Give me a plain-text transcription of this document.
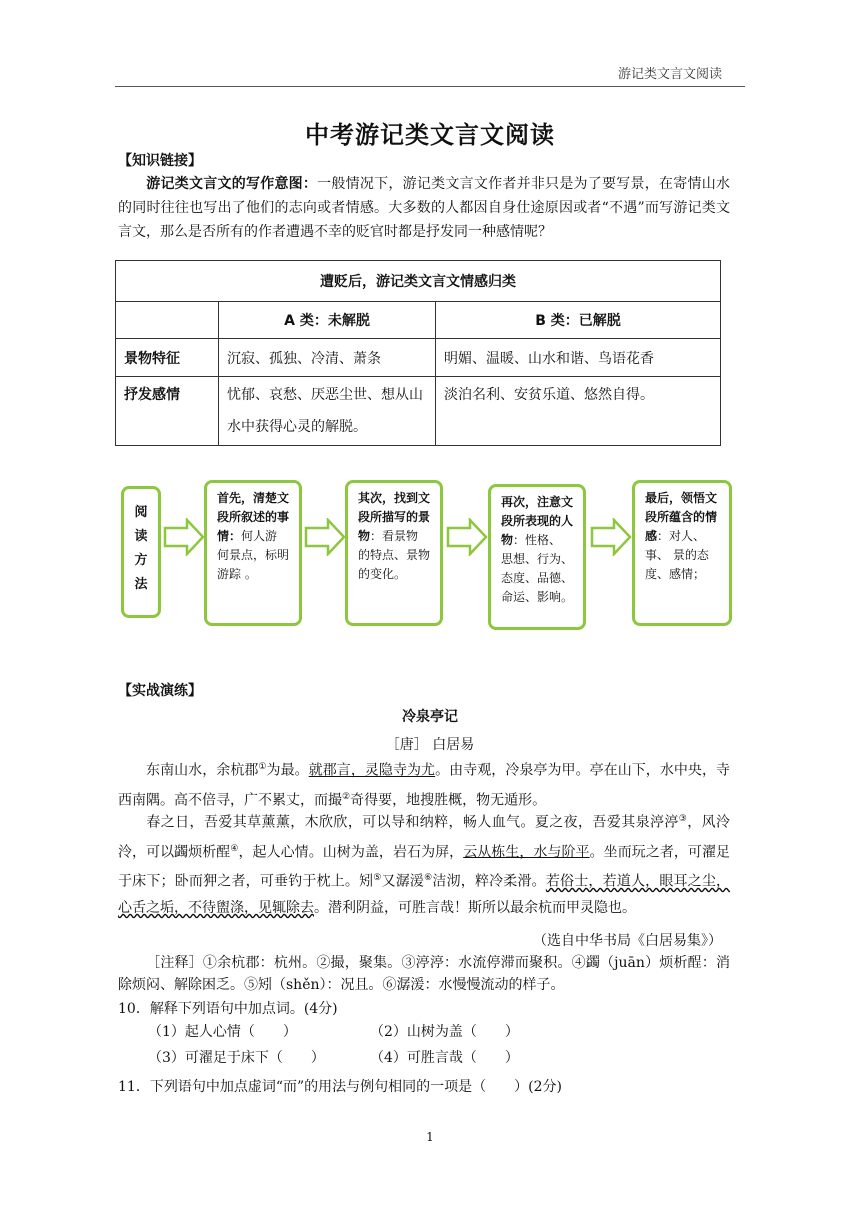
游记类文言文阅读
中考游记类文言文阅读
【知识链接】
游记类文言文的写作意图：一般情况下，游记类文言文作者并非只是为了要写景，在寄情山水的同时往往也写出了他们的志向或者情感。大多数的人都因自身仕途原因或者“不遇”而写游记类文言文，那么是否所有的作者遭遇不幸的贬官时都是抒发同一种感情呢？
遭贬后，游记类文言文情感归类		
	A 类：未解脱	B 类：已解脱
景物特征	沉寂、孤独、冷清、萧条	明媚、温暖、山水和谐、鸟语花香
抒发感情	忧郁、哀愁、厌恶尘世、想从山水中获得心灵的解脱。	淡泊名利、安贫乐道、悠然自得。
阅
读
方
法
首先，清楚文段所叙述的事情：何人游何景点，标明游踪 。
其次，找到文段所描写的景物：看景物的特点、景物的变化。
再次，注意文段所表现的人物：性格、思想、行为、态度、品德、命运、影响。
最后，领悟文段所蕴含的情感：对人、事、 景的态度、感情；
【实战演练】
冷泉亭记
［唐］ 白居易
东南山水，余杭郡①为最。就郡言，灵隐寺为尤。由寺观，冷泉亭为甲。亭在山下，水中央，寺西南隅。高不倍寻，广不累丈，而撮②奇得要，地搜胜概，物无遁形。
春之日，吾爱其草薰薰，木欣欣，可以导和纳粹，畅人血气。夏之夜，吾爱其泉渟渟③，风泠泠，可以蠲烦析酲④，起人心情。山树为盖，岩石为屏，云从栋生，水与阶平。坐而玩之者，可濯足于床下；卧而狎之者，可垂钓于枕上。矧⑤又潺湲⑥洁沏，粹冷柔滑。若俗士，若道人，眼耳之尘，心舌之垢，不待盥涤，见辄除去。潜利阴益，可胜言哉！斯所以最余杭而甲灵隐也。
（选自中华书局《白居易集》）
［注释］①余杭郡：杭州。②撮，聚集。③渟渟：水流停滞而聚积。④蠲（juān）烦析酲：消除烦闷、解除困乏。⑤矧（shěn）：况且。⑥潺湲：水慢慢流动的样子。
10．解释下列语句中加点词。(4分)
（1）起人心情（　　）	（2）山树为盖（　　）
（3）可濯足于床下（　　）	（4）可胜言哉（　　）
11．下列语句中加点虚词“而”的用法与例句相同的一项是（　　）(2分)
1
